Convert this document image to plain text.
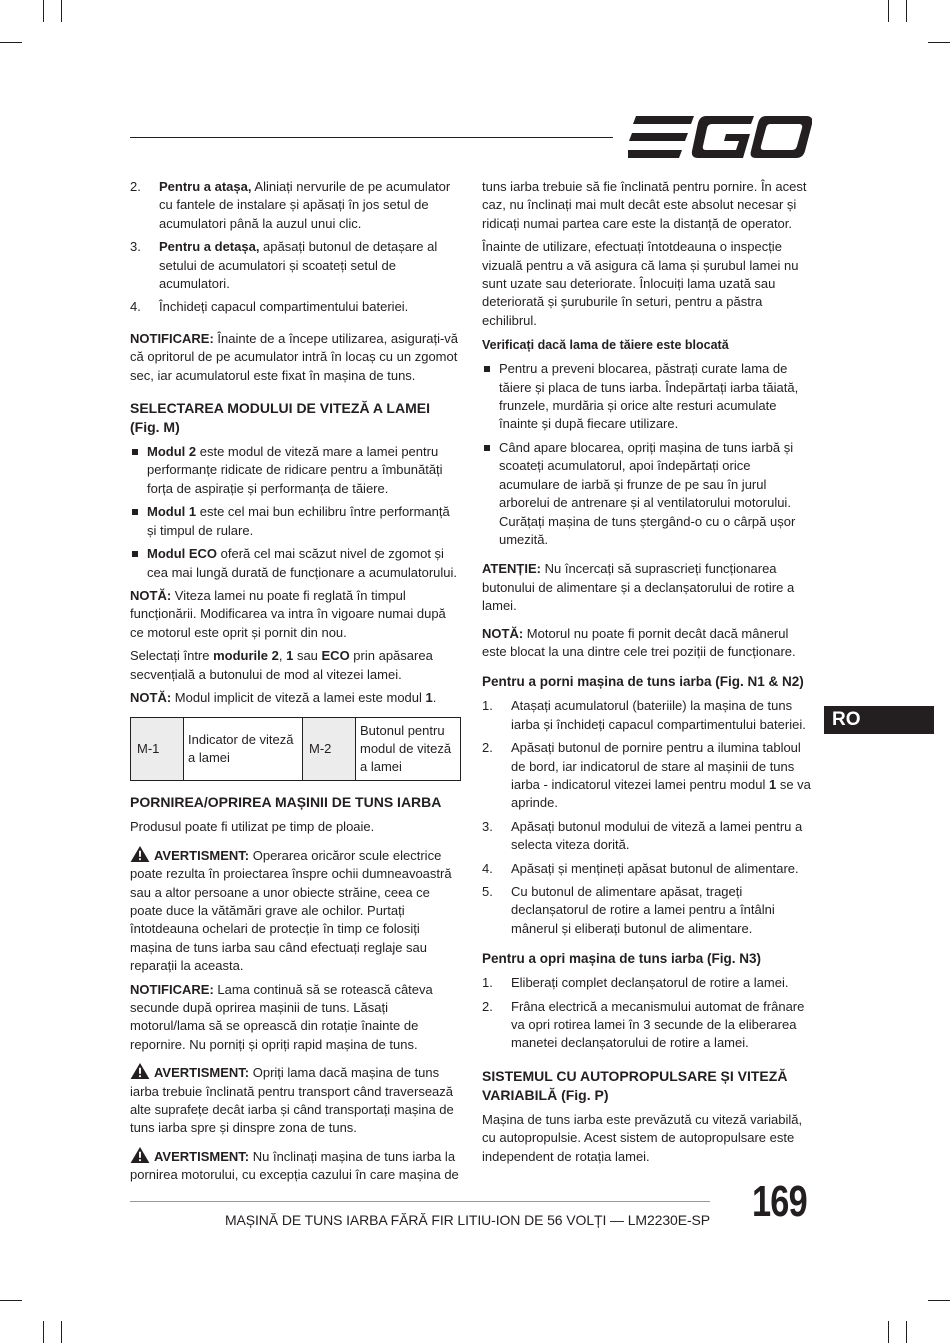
2. Pentru a atașa, Aliniați nervurile de pe acumulator cu fantele de instalare și apăsați în jos setul de acumulatori până la auzul unui clic.
3. Pentru a detașa, apăsați butonul de detașare al setului de acumulatori și scoateți setul de acumulatori.
4. Închideți capacul compartimentului bateriei.

NOTIFICARE: Înainte de a începe utilizarea, asigurați-vă că opritorul de pe acumulator intră în locaș cu un zgomot sec, iar acumulatorul este fixat în mașina de tuns.

SELECTAREA MODULUI DE VITEZĂ A LAMEI (Fig. M)
Modul 2 este modul de viteză mare a lamei pentru performanțe ridicate de ridicare pentru a îmbunătăți forța de aspirație și performanța de tăiere.
Modul 1 este cel mai bun echilibru între performanță și timpul de rulare.
Modul ECO oferă cel mai scăzut nivel de zgomot și cea mai lungă durată de funcționare a acumulatorului.

NOTĂ: Viteza lamei nu poate fi reglată în timpul funcționării. Modificarea va intra în vigoare numai după ce motorul este oprit și pornit din nou.

Selectați între modurile 2, 1 sau ECO prin apăsarea secvențială a butonului de mod al vitezei lamei.

NOTĂ: Modul implicit de viteză a lamei este modul 1.

M-1	Indicator de viteză a lamei	M-2	Butonul pentru modul de viteză a lamei
PORNIREA/OPRIREA MAȘINII DE TUNS IARBA

Produsul poate fi utilizat pe timp de ploaie.

AVERTISMENT: Operarea oricăror scule electrice poate rezulta în proiectarea înspre ochii dumneavoastră sau a altor persoane a unor obiecte străine, ceea ce poate duce la vătămări grave ale ochilor. Purtați întotdeauna ochelari de protecție în timp ce folosiți mașina de tuns iarba sau când efectuați reglaje sau reparații la aceasta.

NOTIFICARE: Lama continuă să se rotească câteva secunde după oprirea mașinii de tuns. Lăsați motorul/lama să se oprească din rotație înainte de repornire. Nu porniți și opriți rapid mașina de tuns.

AVERTISMENT: Opriți lama dacă mașina de tuns iarba trebuie înclinată pentru transport când traversează alte suprafețe decât iarba și când transportați mașina de tuns iarba spre și dinspre zona de tuns.

AVERTISMENT: Nu înclinați mașina de tuns iarba la pornirea motorului, cu excepția cazului în care mașina de

tuns iarba trebuie să fie înclinată pentru pornire. În acest caz, nu înclinați mai mult decât este absolut necesar și ridicați numai partea care este la distanță de operator.

Înainte de utilizare, efectuați întotdeauna o inspecție vizuală pentru a vă asigura că lama și șurubul lamei nu sunt uzate sau deteriorate. Înlocuiți lama uzată sau deteriorată și șuruburile în seturi, pentru a păstra echilibrul.

Verificați dacă lama de tăiere este blocată
Pentru a preveni blocarea, păstrați curate lama de tăiere și placa de tuns iarba. Îndepărtați iarba tăiată, frunzele, murdăria și orice alte resturi acumulate înainte și după fiecare utilizare.
Când apare blocarea, opriți mașina de tuns iarbă și scoateți acumulatorul, apoi îndepărtați orice acumulare de iarbă și frunze de pe sau în jurul arborelui de antrenare și al ventilatorului motorului. Curățați mașina de tuns ștergând-o cu o cârpă ușor umezită.

ATENȚIE: Nu încercați să suprascrieți funcționarea butonului de alimentare și a declanșatorului de rotire a lamei.

NOTĂ: Motorul nu poate fi pornit decât dacă mânerul este blocat la una dintre cele trei poziții de funcționare.

Pentru a porni mașina de tuns iarba (Fig. N1 & N2)
1. Atașați acumulatorul (bateriile) la mașina de tuns iarba și închideți capacul compartimentului bateriei.
2. Apăsați butonul de pornire pentru a ilumina tabloul de bord, iar indicatorul de stare al mașinii de tuns iarba - indicatorul vitezei lamei pentru modul 1 se va aprinde.
3. Apăsați butonul modului de viteză a lamei pentru a selecta viteza dorită.
4. Apăsați și mențineți apăsat butonul de alimentare.
5. Cu butonul de alimentare apăsat, trageți declanșatorul de rotire a lamei pentru a întâlni mânerul și eliberați butonul de alimentare.
Pentru a opri mașina de tuns iarba (Fig. N3)
1. Eliberați complet declanșatorul de rotire a lamei.
2. Frâna electrică a mecanismului automat de frânare va opri rotirea lamei în 3 secunde de la eliberarea manetei declanșatorului de rotire a lamei.
SISTEMUL CU AUTOPROPULSARE ȘI VITEZĂ VARIABILĂ (Fig. P)

Mașina de tuns iarba este prevăzută cu viteză variabilă, cu autopropulsie. Acest sistem de autopropulsare este independent de rotația lamei.

RO
MAȘINĂ DE TUNS IARBA FĂRĂ FIR LITIU-ION DE 56 VOLȚI — LM2230E-SP 169
